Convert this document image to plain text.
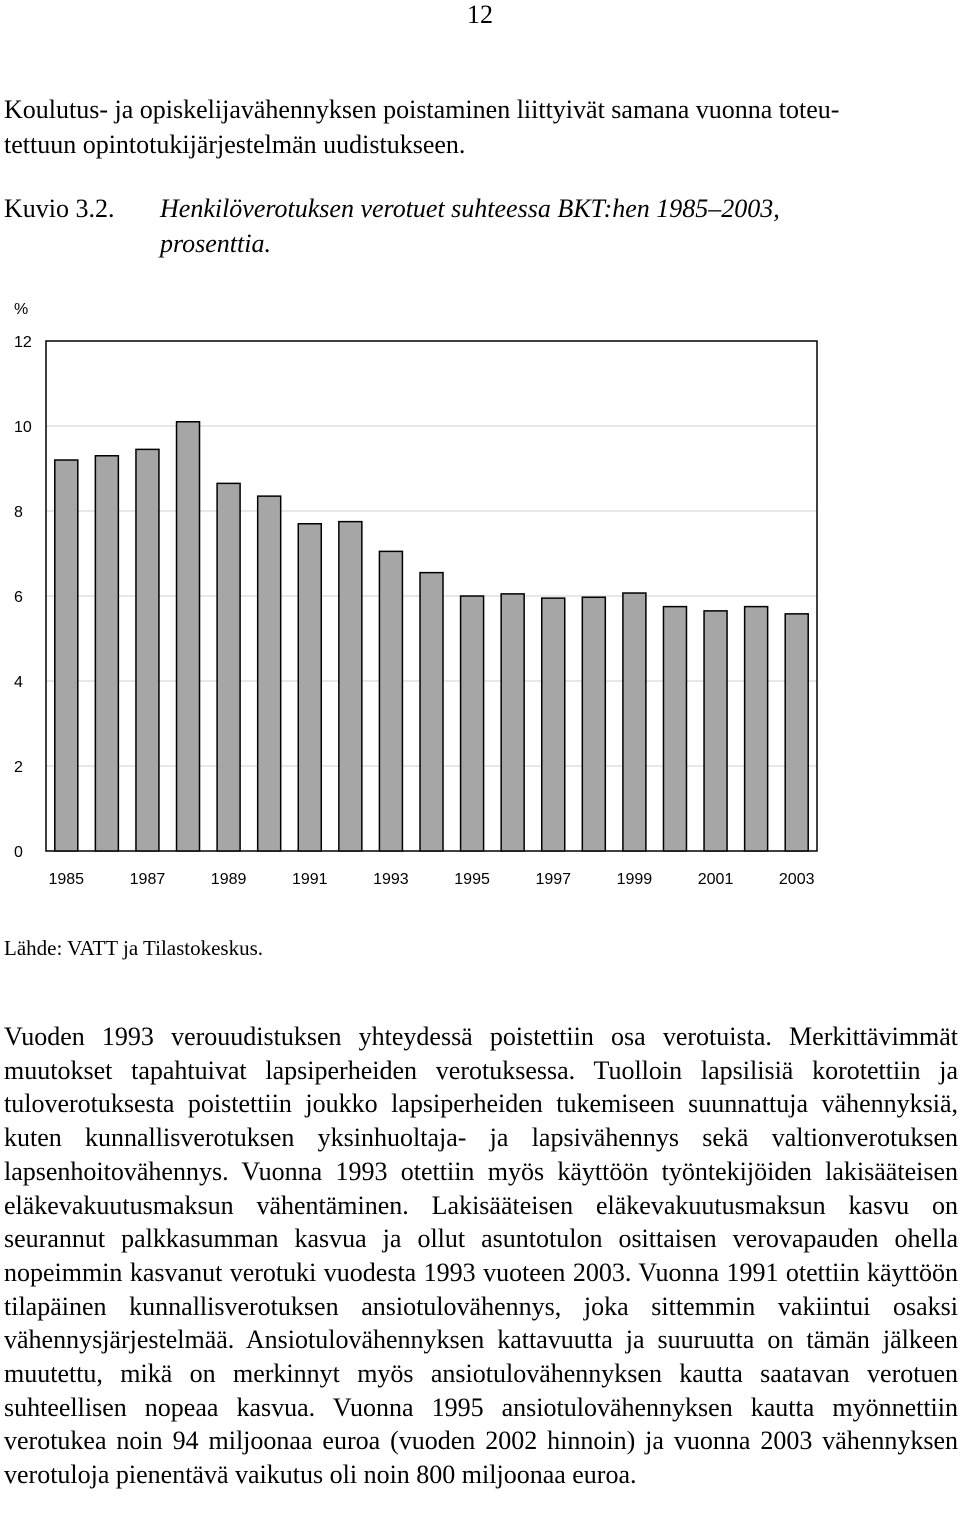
12

Koulutus- ja opiskelijavähennyksen poistaminen liittyivät samana vuonna toteu-

tettuun opintotukijärjestelmän uudistukseen.

Kuvio 3.2. Henkilöverotuksen verotuet suhteessa BKT:hen 1985–2003,
prosenttia.
0
2
4
6
8
10
12
1985	1987	1989	1991	1993	1995	1997	1999	2001	2003
%
Lähde: VATT ja Tilastokeskus.

Vuoden 1993 verouudistuksen yhteydessä poistettiin osa verotuista. Merkittävimmät muutokset tapahtuivat lapsiperheiden verotuksessa. Tuolloin lapsilisiä korotettiin ja tuloverotuksesta poistettiin joukko lapsiperheiden tukemiseen suunnattuja vähennyksiä, kuten kunnallisverotuksen yksinhuoltaja- ja lapsivähennys sekä valtionverotuksen lapsenhoitovähennys. Vuonna 1993 otettiin myös käyttöön työntekijöiden lakisääteisen eläkevakuutusmaksun vähentäminen. Lakisääteisen eläkevakuutusmaksun kasvu on seurannut palkkasumman kasvua ja ollut asuntotulon osittaisen verovapauden ohella nopeimmin kasvanut verotuki vuodesta 1993 vuoteen 2003. Vuonna 1991 otettiin käyttöön tilapäinen kunnallisverotuksen ansiotulovähennys, joka sittemmin vakiintui osaksi vähennysjärjestelmää. Ansiotulovähennyksen kattavuutta ja suuruutta on tämän jälkeen muutettu, mikä on merkinnyt myös ansiotulovähennyksen kautta saatavan verotuen suhteellisen nopeaa kasvua. Vuonna 1995 ansiotulovähennyksen kautta myönnettiin verotukea noin 94 miljoonaa euroa (vuoden 2002 hinnoin) ja vuonna 2003 vähennyksen verotuloja pienentävä vaikutus oli noin 800 miljoonaa euroa.
